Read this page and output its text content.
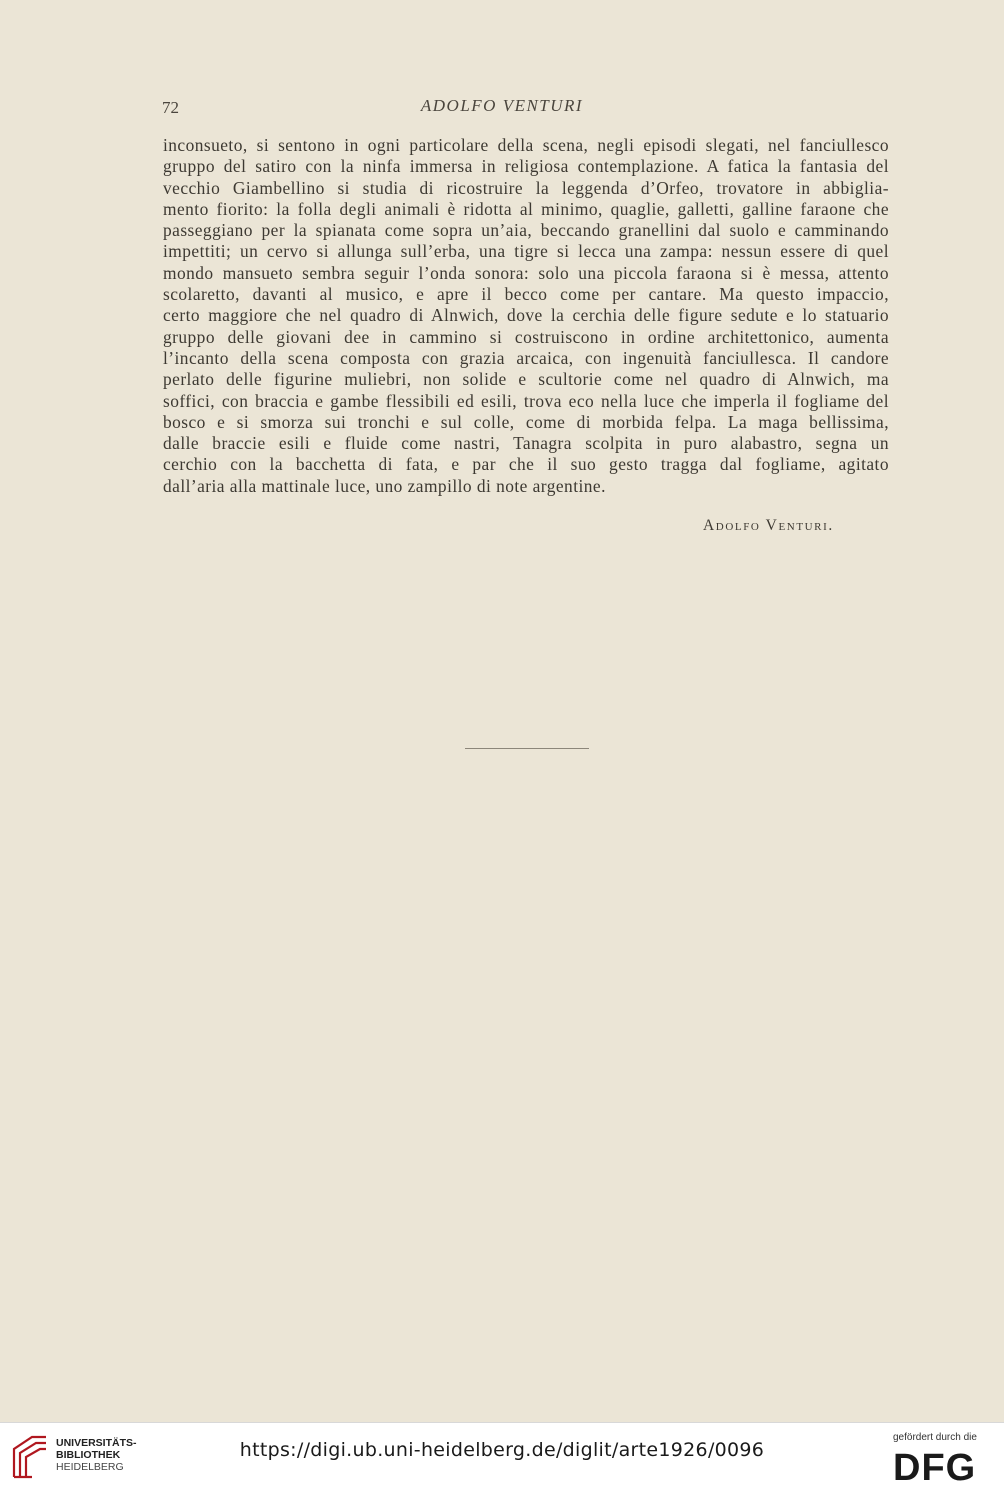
72	ADOLFO VENTURI
inconsueto, si sentono in ogni particolare della scena, negli episodi slegati, nel fanciullesco
gruppo del satiro con la ninfa immersa in religiosa contemplazione. A fatica la fantasia del
vecchio Giambellino si studia di ricostruire la leggenda d’Orfeo, trovatore in abbiglia-
mento fiorito: la folla degli animali è ridotta al minimo, quaglie, galletti, galline faraone che
passeggiano per la spianata come sopra un’aia, beccando granellini dal suolo e camminando
impettiti; un cervo si allunga sull’erba, una tigre si lecca una zampa: nessun essere di quel
mondo mansueto sembra seguir l’onda sonora: solo una piccola faraona si è messa, attento
scolaretto, davanti al musico, e apre il becco come per cantare. Ma questo impaccio,
certo maggiore che nel quadro di Alnwich, dove la cerchia delle figure sedute e lo statuario
gruppo delle giovani dee in cammino si costruiscono in ordine architettonico, aumenta
l’incanto della scena composta con grazia arcaica, con ingenuità fanciullesca. Il candore
perlato delle figurine muliebri, non solide e scultorie come nel quadro di Alnwich, ma
soffici, con braccia e gambe flessibili ed esili, trova eco nella luce che imperla il fogliame del
bosco e si smorza sui tronchi e sul colle, come di morbida felpa. La maga bellissima,
dalle braccie esili e fluide come nastri, Tanagra scolpita in puro alabastro, segna un
cerchio con la bacchetta di fata, e par che il suo gesto tragga dal fogliame, agitato
dall’aria alla mattinale luce, uno zampillo di note argentine.
Adolfo Venturi.
UNIVERSITÄTS-
BIBLIOTHEK
HEIDELBERG
https://digi.ub.uni-heidelberg.de/diglit/arte1926/0096
gefördert durch die
DFG
